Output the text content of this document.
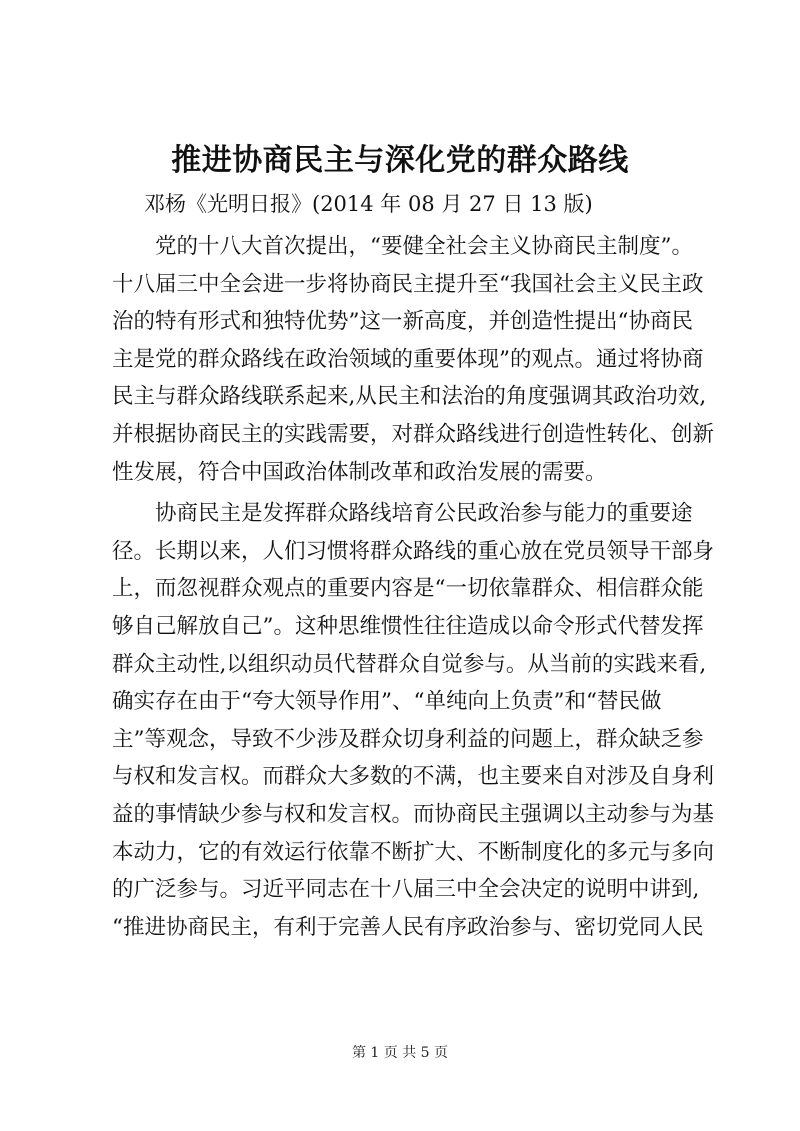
推进协商民主与深化党的群众路线
邓杨《光明日报》(2014 年 08 月 27 日 13 版)
　　党的十八大首次提出，“要健全社会主义协商民主制度”。
十八届三中全会进一步将协商民主提升至“我国社会主义民主政
治的特有形式和独特优势”这一新高度，并创造性提出“协商民
主是党的群众路线在政治领域的重要体现”的观点。通过将协商
民主与群众路线联系起来,从民主和法治的角度强调其政治功效,
并根据协商民主的实践需要，对群众路线进行创造性转化、创新
性发展，符合中国政治体制改革和政治发展的需要。
　　协商民主是发挥群众路线培育公民政治参与能力的重要途
径。长期以来，人们习惯将群众路线的重心放在党员领导干部身
上，而忽视群众观点的重要内容是“一切依靠群众、相信群众能
够自己解放自己”。这种思维惯性往往造成以命令形式代替发挥
群众主动性,以组织动员代替群众自觉参与。从当前的实践来看,
确实存在由于“夸大领导作用”、“单纯向上负责”和“替民做
主”等观念，导致不少涉及群众切身利益的问题上，群众缺乏参
与权和发言权。而群众大多数的不满，也主要来自对涉及自身利
益的事情缺少参与权和发言权。而协商民主强调以主动参与为基
本动力，它的有效运行依靠不断扩大、不断制度化的多元与多向
的广泛参与。习近平同志在十八届三中全会决定的说明中讲到,
“推进协商民主，有利于完善人民有序政治参与、密切党同人民
第 1 页 共 5 页
